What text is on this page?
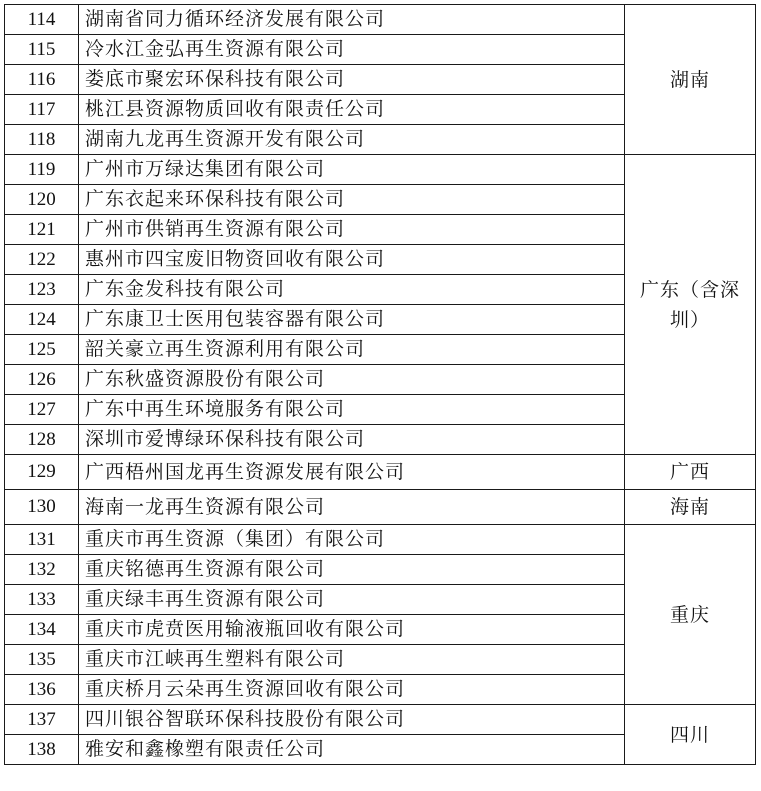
114	湖南省同力循环经济发展有限公司	湖南
115	冷水江金弘再生资源有限公司	
116	娄底市聚宏环保科技有限公司	
117	桃江县资源物质回收有限责任公司	
118	湖南九龙再生资源开发有限公司	
119	广州市万绿达集团有限公司	广东（含深圳）
120	广东衣起来环保科技有限公司	
121	广州市供销再生资源有限公司	
122	惠州市四宝废旧物资回收有限公司	
123	广东金发科技有限公司	
124	广东康卫士医用包装容器有限公司	
125	韶关豪立再生资源利用有限公司	
126	广东秋盛资源股份有限公司	
127	广东中再生环境服务有限公司	
128	深圳市爱博绿环保科技有限公司	
129	广西梧州国龙再生资源发展有限公司	广西
130	海南一龙再生资源有限公司	海南
131	重庆市再生资源（集团）有限公司	重庆
132	重庆铭德再生资源有限公司	
133	重庆绿丰再生资源有限公司	
134	重庆市虎贲医用输液瓶回收有限公司	
135	重庆市江峡再生塑料有限公司	
136	重庆桥月云朵再生资源回收有限公司	
137	四川银谷智联环保科技股份有限公司	四川
138	雅安和鑫橡塑有限责任公司	
